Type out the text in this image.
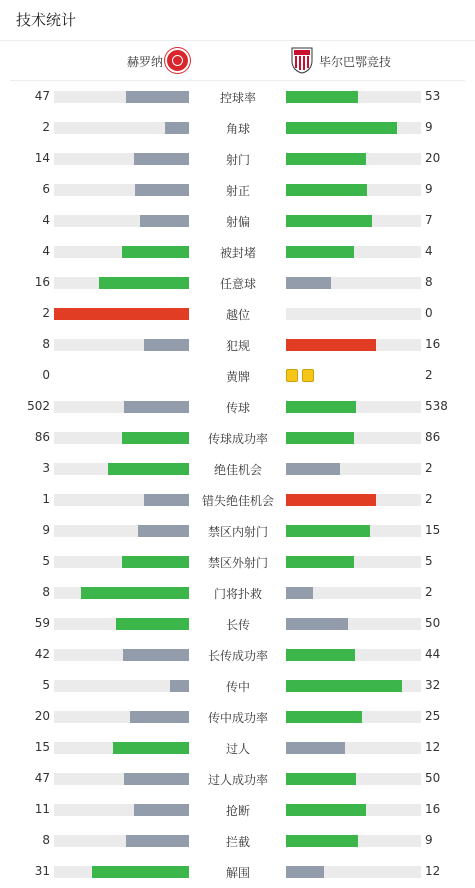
技术统计
赫罗纳	毕尔巴鄂竞技
47	控球率	53
2	角球	9
14	射门	20
6	射正	9
4	射偏	7
4	被封堵	4
16	任意球	8
2	越位	0
8	犯规	16
0	黄牌	2
502	传球	538
86	传球成功率	86
3	绝佳机会	2
1	错失绝佳机会	2
9	禁区内射门	15
5	禁区外射门	5
8	门将扑救	2
59	长传	50
42	长传成功率	44
5	传中	32
20	传中成功率	25
15	过人	12
47	过人成功率	50
11	抢断	16
8	拦截	9
31	解围	12
